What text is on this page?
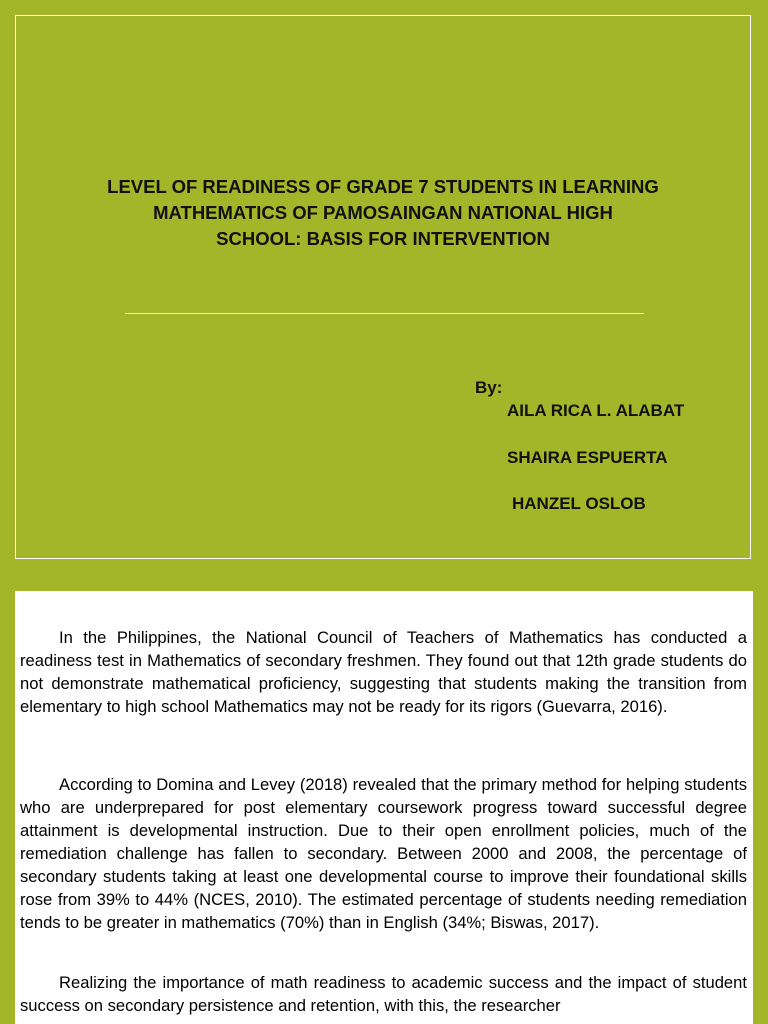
LEVEL OF READINESS OF GRADE 7 STUDENTS IN LEARNING
MATHEMATICS OF PAMOSAINGAN NATIONAL HIGH
SCHOOL: BASIS FOR INTERVENTION
By:
AILA RICA L. ALABAT
SHAIRA ESPUERTA
HANZEL OSLOB

In the Philippines, the National Council of Teachers of Mathematics has conducted a readiness test in Mathematics of secondary freshmen. They found out that 12th grade students do not demonstrate mathematical proficiency, suggesting that students making the transition from elementary to high school Mathematics may not be ready for its rigors (Guevarra, 2016).

According to Domina and Levey (2018) revealed that the primary method for helping students who are underprepared for post elementary coursework progress toward successful degree attainment is developmental instruction. Due to their open enrollment policies, much of the remediation challenge has fallen to secondary. Between 2000 and 2008, the percentage of secondary students taking at least one developmental course to improve their foundational skills rose from 39% to 44% (NCES, 2010). The estimated percentage of students needing remediation tends to be greater in mathematics (70%) than in English (34%; Biswas, 2017).

Realizing the importance of math readiness to academic success and the impact of student success on secondary persistence and retention, with this, the researcher
